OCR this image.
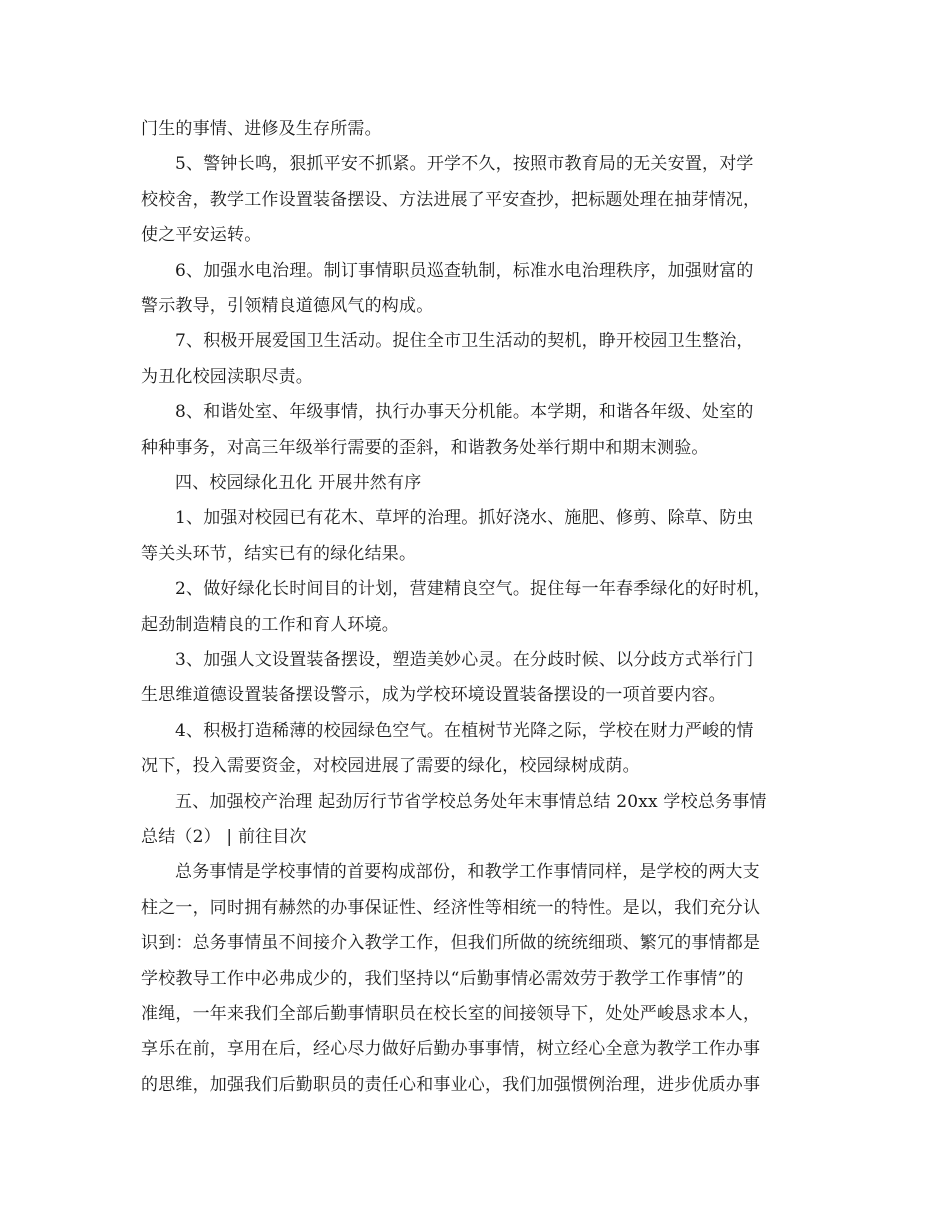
门生的事情、进修及生存所需。
5、警钟长鸣，狠抓平安不抓紧。开学不久，按照市教育局的无关安置，对学
校校舍，教学工作设置装备摆设、方法进展了平安查抄，把标题处理在抽芽情况，
使之平安运转。
6、加强水电治理。制订事情职员巡查轨制，标准水电治理秩序，加强财富的
警示教导，引领精良道德风气的构成。
7、积极开展爱国卫生活动。捉住全市卫生活动的契机，睁开校园卫生整治，
为丑化校园渎职尽责。
8、和谐处室、年级事情，执行办事天分机能。本学期，和谐各年级、处室的
种种事务，对高三年级举行需要的歪斜，和谐教务处举行期中和期末测验。
四、校园绿化丑化 开展井然有序
1、加强对校园已有花木、草坪的治理。抓好浇水、施肥、修剪、除草、防虫
等关头环节，结实已有的绿化结果。
2、做好绿化长时间目的计划，营建精良空气。捉住每一年春季绿化的好时机，
起劲制造精良的工作和育人环境。
3、加强人文设置装备摆设，塑造美妙心灵。在分歧时候、以分歧方式举行门
生思维道德设置装备摆设警示，成为学校环境设置装备摆设的一项首要内容。
4、积极打造稀薄的校园绿色空气。在植树节光降之际，学校在财力严峻的情
况下，投入需要资金，对校园进展了需要的绿化，校园绿树成荫。
五、加强校产治理 起劲厉行节省学校总务处年末事情总结 20xx 学校总务事情
总结（2） | 前往目次
总务事情是学校事情的首要构成部份，和教学工作事情同样，是学校的两大支
柱之一，同时拥有赫然的办事保证性、经济性等相统一的特性。是以，我们充分认
识到：总务事情虽不间接介入教学工作，但我们所做的统统细琐、繁冗的事情都是
学校教导工作中必弗成少的，我们坚持以“后勤事情必需效劳于教学工作事情”的
准绳，一年来我们全部后勤事情职员在校长室的间接领导下，处处严峻恳求本人，
享乐在前，享用在后，经心尽力做好后勤办事事情，树立经心全意为教学工作办事
的思维，加强我们后勤职员的责任心和事业心，我们加强惯例治理，进步优质办事
